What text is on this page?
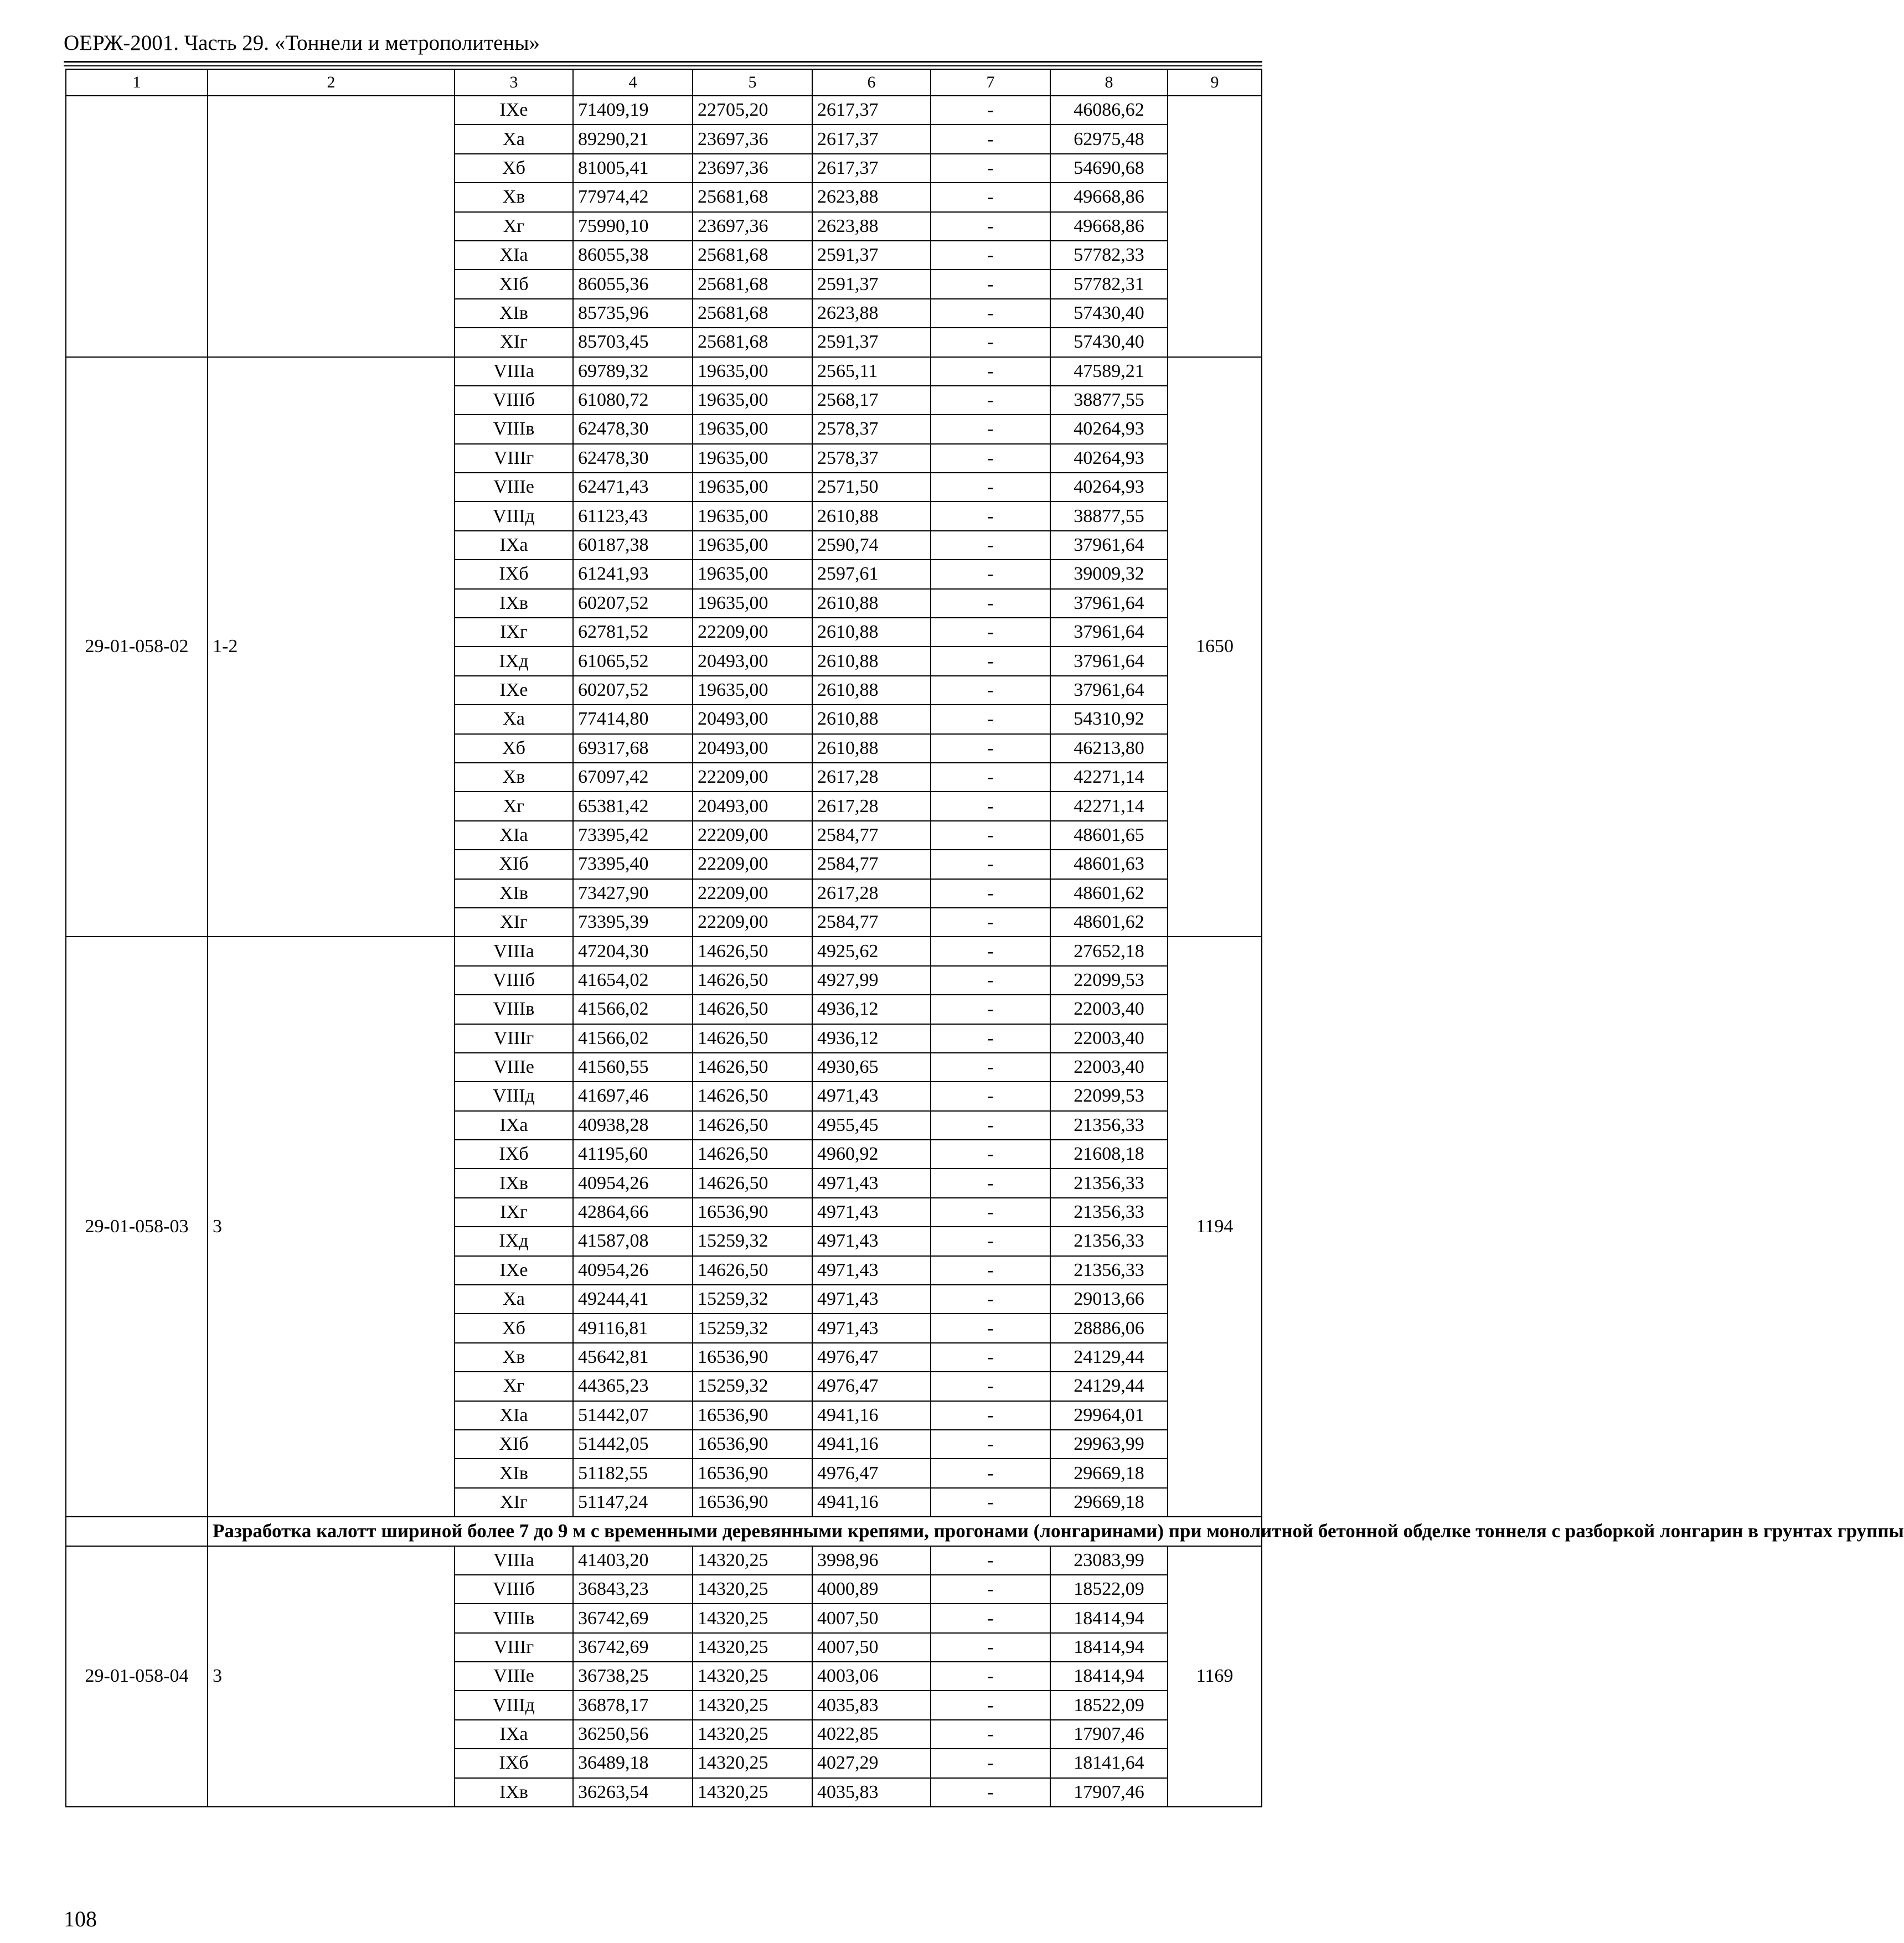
ОЕРЖ-2001. Часть 29. «Тоннели и метрополитены»
1	2	3	4	5	6	7	8	9
		IXе	71409,19	22705,20	2617,37	-	46086,62	
		Xа	89290,21	23697,36	2617,37	-	62975,48	
		Xб	81005,41	23697,36	2617,37	-	54690,68	
		Xв	77974,42	25681,68	2623,88	-	49668,86	
		Xг	75990,10	23697,36	2623,88	-	49668,86	
		XIа	86055,38	25681,68	2591,37	-	57782,33	
		XIб	86055,36	25681,68	2591,37	-	57782,31	
		XIв	85735,96	25681,68	2623,88	-	57430,40	
		XIг	85703,45	25681,68	2591,37	-	57430,40	
29-01-058-02	1-2	VIIIа	69789,32	19635,00	2565,11	-	47589,21	1650
		VIIIб	61080,72	19635,00	2568,17	-	38877,55	
		VIIIв	62478,30	19635,00	2578,37	-	40264,93	
		VIIIг	62478,30	19635,00	2578,37	-	40264,93	
		VIIIе	62471,43	19635,00	2571,50	-	40264,93	
		VIIIд	61123,43	19635,00	2610,88	-	38877,55	
		IXа	60187,38	19635,00	2590,74	-	37961,64	
		IXб	61241,93	19635,00	2597,61	-	39009,32	
		IXв	60207,52	19635,00	2610,88	-	37961,64	
		IXг	62781,52	22209,00	2610,88	-	37961,64	
		IXд	61065,52	20493,00	2610,88	-	37961,64	
		IXе	60207,52	19635,00	2610,88	-	37961,64	
		Xа	77414,80	20493,00	2610,88	-	54310,92	
		Xб	69317,68	20493,00	2610,88	-	46213,80	
		Xв	67097,42	22209,00	2617,28	-	42271,14	
		Xг	65381,42	20493,00	2617,28	-	42271,14	
		XIа	73395,42	22209,00	2584,77	-	48601,65	
		XIб	73395,40	22209,00	2584,77	-	48601,63	
		XIв	73427,90	22209,00	2617,28	-	48601,62	
		XIг	73395,39	22209,00	2584,77	-	48601,62	
29-01-058-03	3	VIIIа	47204,30	14626,50	4925,62	-	27652,18	1194
		VIIIб	41654,02	14626,50	4927,99	-	22099,53	
		VIIIв	41566,02	14626,50	4936,12	-	22003,40	
		VIIIг	41566,02	14626,50	4936,12	-	22003,40	
		VIIIе	41560,55	14626,50	4930,65	-	22003,40	
		VIIIд	41697,46	14626,50	4971,43	-	22099,53	
		IXа	40938,28	14626,50	4955,45	-	21356,33	
		IXб	41195,60	14626,50	4960,92	-	21608,18	
		IXв	40954,26	14626,50	4971,43	-	21356,33	
		IXг	42864,66	16536,90	4971,43	-	21356,33	
		IXд	41587,08	15259,32	4971,43	-	21356,33	
		IXе	40954,26	14626,50	4971,43	-	21356,33	
		Xа	49244,41	15259,32	4971,43	-	29013,66	
		Xб	49116,81	15259,32	4971,43	-	28886,06	
		Xв	45642,81	16536,90	4976,47	-	24129,44	
		Xг	44365,23	15259,32	4976,47	-	24129,44	
		XIа	51442,07	16536,90	4941,16	-	29964,01	
		XIб	51442,05	16536,90	4941,16	-	29963,99	
		XIв	51182,55	16536,90	4976,47	-	29669,18	
		XIг	51147,24	16536,90	4941,16	-	29669,18	
	Разработка калотт шириной более 7 до 9 м с временными деревянными крепями, прогонами (лонгаринами) при монолитной бетонной обделке тоннеля с разборкой лонгарин в грунтах группы							
29-01-058-04	3	VIIIа	41403,20	14320,25	3998,96	-	23083,99	1169
		VIIIб	36843,23	14320,25	4000,89	-	18522,09	
		VIIIв	36742,69	14320,25	4007,50	-	18414,94	
		VIIIг	36742,69	14320,25	4007,50	-	18414,94	
		VIIIе	36738,25	14320,25	4003,06	-	18414,94	
		VIIIд	36878,17	14320,25	4035,83	-	18522,09	
		IXа	36250,56	14320,25	4022,85	-	17907,46	
		IXб	36489,18	14320,25	4027,29	-	18141,64	
		IXв	36263,54	14320,25	4035,83	-	17907,46	
108
